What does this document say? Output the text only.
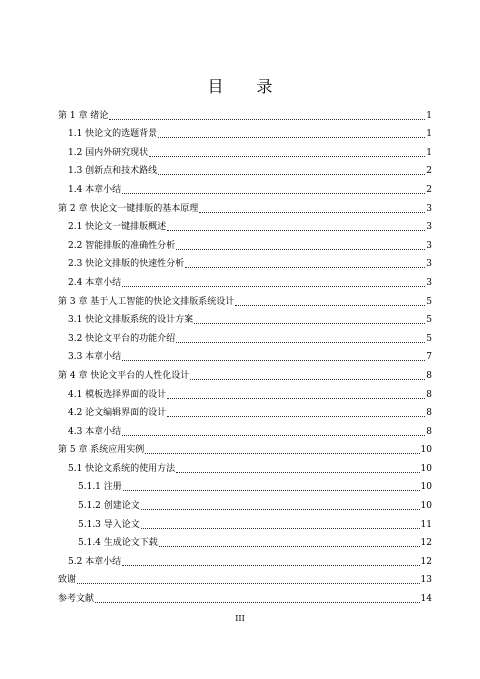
目 录
第 1 章 绪论	1
1.1 快论文的选题背景	1
1.2 国内外研究现状	1
1.3 创新点和技术路线	2
1.4 本章小结	2
第 2 章 快论文一键排版的基本原理	3
2.1 快论文一键排版概述	3
2.2 智能排版的准确性分析	3
2.3 快论文排版的快速性分析	3
2.4 本章小结	3
第 3 章 基于人工智能的快论文排版系统设计	5
3.1 快论文排版系统的设计方案	5
3.2 快论文平台的功能介绍	5
3.3 本章小结	7
第 4 章 快论文平台的人性化设计	8
4.1 模板选择界面的设计	8
4.2 论文编辑界面的设计	8
4.3 本章小结	8
第 5 章 系统应用实例	10
5.1 快论文系统的使用方法	10
5.1.1 注册	10
5.1.2 创建论文	10
5.1.3 导入论文	11
5.1.4 生成论文下载	12
5.2 本章小结	12
致谢	13
参考文献	14
III
